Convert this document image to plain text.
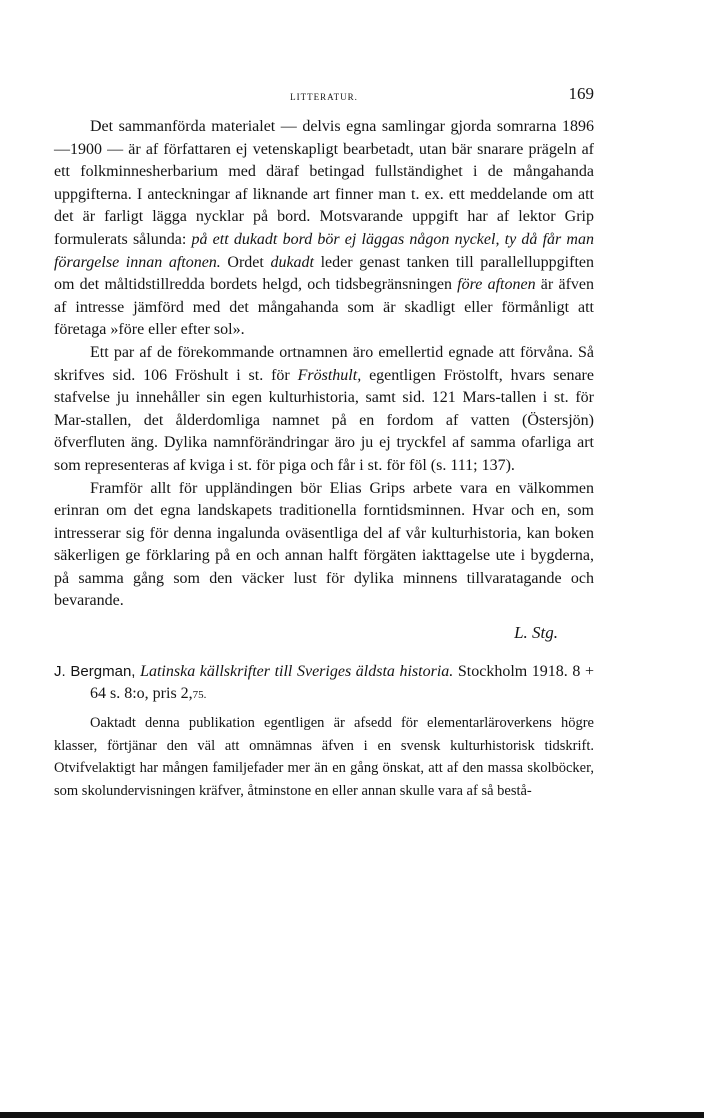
LITTERATUR.	169

Det sammanförda materialet — delvis egna samlingar gjorda somrarna 1896—1900 — är af författaren ej vetenskapligt bearbetadt, utan bär snarare prägeln af ett folkminnesherbarium med däraf betingad fullständighet i de mångahanda uppgifterna. I anteckningar af liknande art finner man t. ex. ett meddelande om att det är farligt lägga nycklar på bord. Motsvarande uppgift har af lektor Grip formulerats sålunda: på ett dukadt bord bör ej läggas någon nyckel, ty då får man förargelse innan aftonen. Ordet dukadt leder genast tanken till parallelluppgiften om det måltidstillredda bordets helgd, och tidsbegränsningen före aftonen är äfven af intresse jämförd med det mångahanda som är skadligt eller förmånligt att företaga »före eller efter sol».

Ett par af de förekommande ortnamnen äro emellertid egnade att förvåna. Så skrifves sid. 106 Fröshult i st. för Frösthult, egentligen Fröstolft, hvars senare stafvelse ju innehåller sin egen kulturhistoria, samt sid. 121 Mars-tallen i st. för Mar-stallen, det ålderdomliga namnet på en fordom af vatten (Östersjön) öfverfluten äng. Dylika namnförändringar äro ju ej tryckfel af samma ofarliga art som representeras af kviga i st. för piga och får i st. för föl (s. 111; 137).

Framför allt för uppländingen bör Elias Grips arbete vara en välkommen erinran om det egna landskapets traditionella forntidsminnen. Hvar och en, som intresserar sig för denna ingalunda oväsentliga del af vår kulturhistoria, kan boken säkerligen ge förklaring på en och annan halft förgäten iakttagelse ute i bygderna, på samma gång som den väcker lust för dylika minnens tillvaratagande och bevarande.

L. Stg.
J. Bergman, Latinska källskrifter till Sveriges äldsta historia. Stockholm 1918. 8 + 64 s. 8:o, pris 2,75.

Oaktadt denna publikation egentligen är afsedd för elementarläroverkens högre klasser, förtjänar den väl att omnämnas äfven i en svensk kulturhistorisk tidskrift. Otvifvelaktigt har mången familjefader mer än en gång önskat, att af den massa skolböcker, som skolundervisningen kräfver, åtminstone en eller annan skulle vara af så bestå-
